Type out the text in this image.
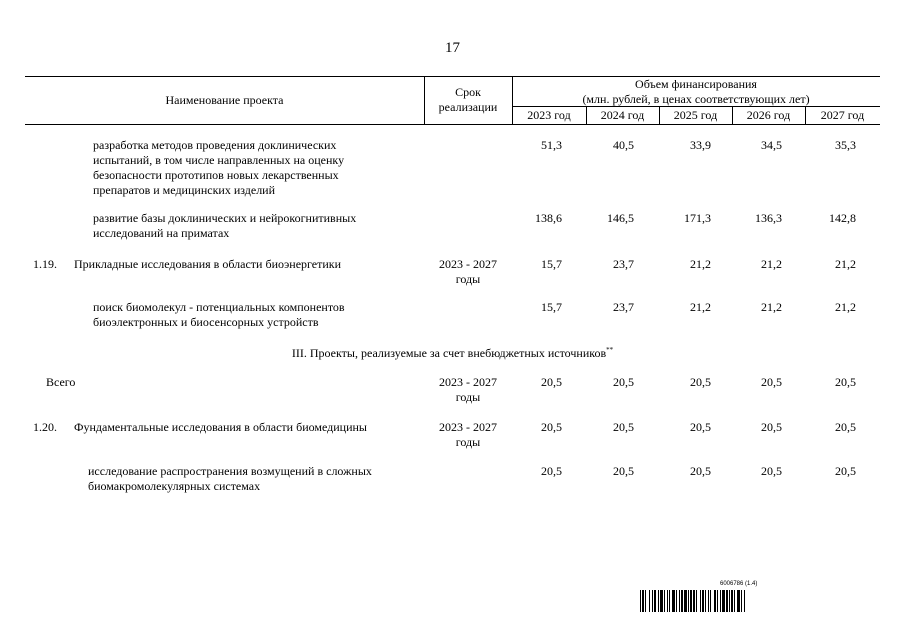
17
Наименование проекта
Срок реализации
Объем финансирования
(млн. рублей, в ценах соответствующих лет)
2023 год	2024 год	2025 год	2026 год	2027 год
разработка методов проведения доклинических
испытаний, в том числе направленных на оценку
безопасности прототипов новых лекарственных
препаратов и медицинских изделий
51,3	40,5	33,9	34,5	35,3
развитие базы доклинических и нейрокогнитивных
исследований на приматах
138,6	146,5	171,3	136,3	142,8
1.19. Прикладные исследования в области биоэнергетики	2023 - 2027
годы
15,7	23,7	21,2	21,2	21,2
поиск биомолекул - потенциальных компонентов
биоэлектронных и биосенсорных устройств
15,7	23,7	21,2	21,2	21,2
III. Проекты, реализуемые за счет внебюджетных источников**
Всего	2023 - 2027
годы
20,5	20,5	20,5	20,5	20,5
1.20. Фундаментальные исследования в области биомедицины	2023 - 2027
годы
20,5	20,5	20,5	20,5	20,5
исследование распространения возмущений в сложных
биомакромолекулярных системах
20,5	20,5	20,5	20,5	20,5
6006786 (1.4)
